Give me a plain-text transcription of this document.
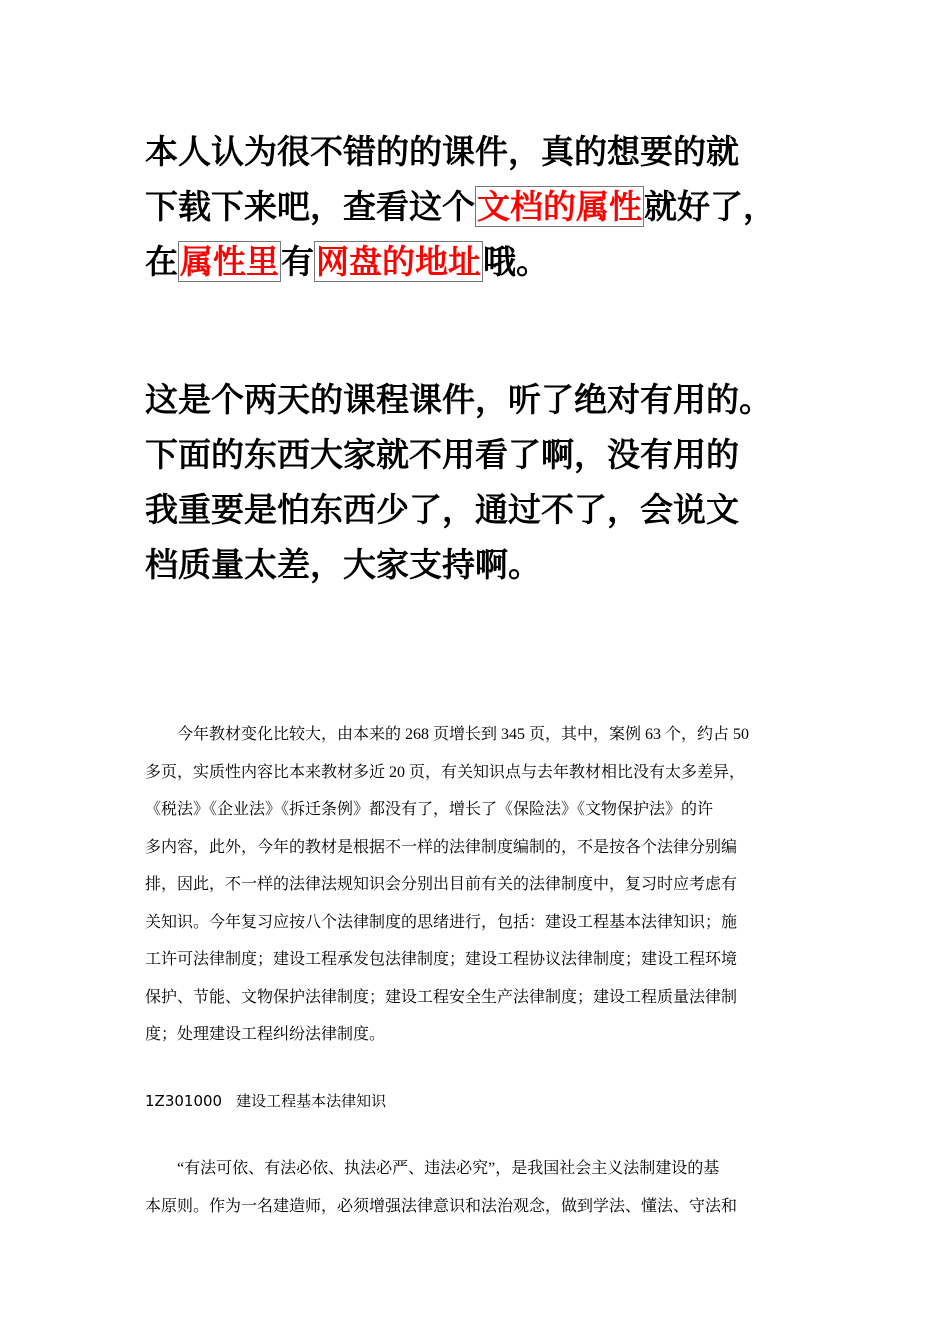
本人认为很不错的的课件，真的想要的就
下载下来吧，查看这个文档的属性就好了，
在属性里有网盘的地址哦。
这是个两天的课程课件，听了绝对有用的。
下面的东西大家就不用看了啊，没有用的
我重要是怕东西少了，通过不了，会说文
档质量太差，大家支持啊。
今年教材变化比较大，由本来的 268 页增长到 345 页，其中，案例 63 个，约占 50
多页，实质性内容比本来教材多近 20 页，有关知识点与去年教材相比没有太多差异，
《税法》《企业法》《拆迁条例》都没有了，增长了《保险法》《文物保护法》的许
多内容，此外，今年的教材是根据不一样的法律制度编制的，不是按各个法律分别编
排，因此，不一样的法律法规知识会分别出目前有关的法律制度中，复习时应考虑有
关知识。今年复习应按八个法律制度的思绪进行，包括：建设工程基本法律知识；施
工许可法律制度；建设工程承发包法律制度；建设工程协议法律制度；建设工程环境
保护、节能、文物保护法律制度；建设工程安全生产法律制度；建设工程质量法律制
度；处理建设工程纠纷法律制度。
1Z301000 建设工程基本法律知识
“有法可依、有法必依、执法必严、违法必究”，是我国社会主义法制建设的基
本原则。作为一名建造师，必须增强法律意识和法治观念，做到学法、懂法、守法和
